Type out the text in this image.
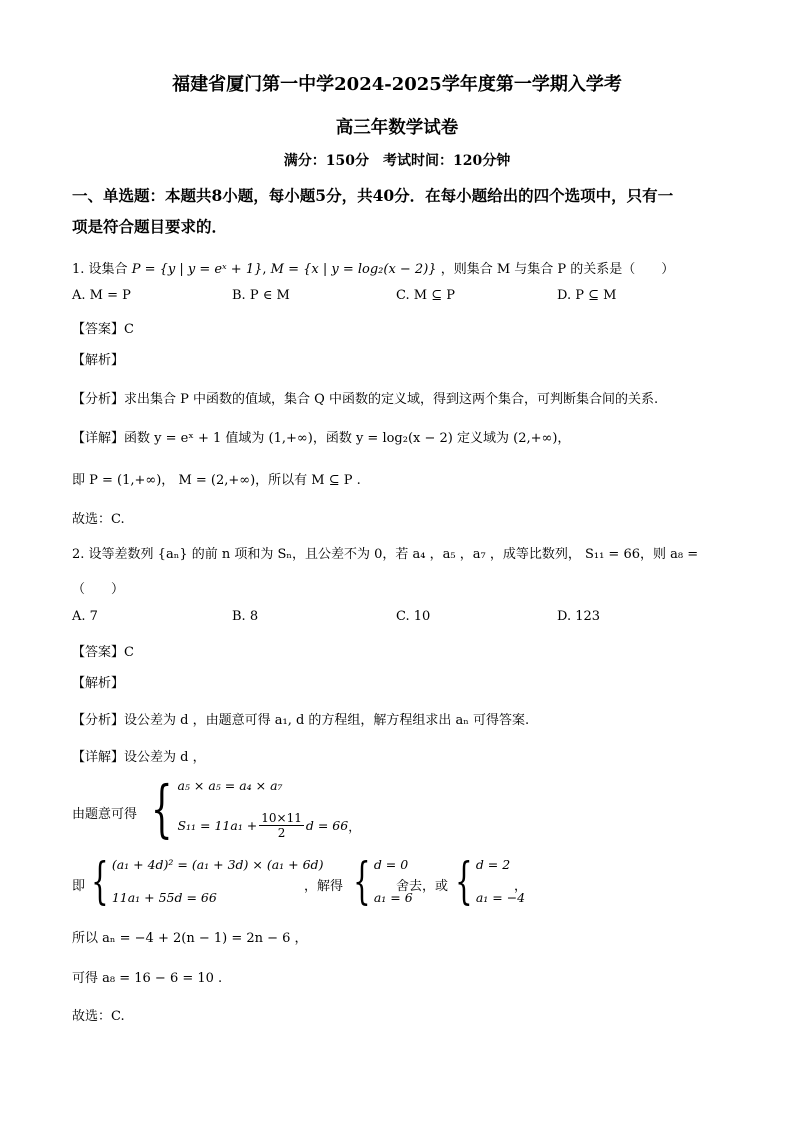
福建省厦门第一中学2024-2025学年度第一学期入学考
高三年数学试卷
满分：150分　考试时间：120分钟
一、单选题：本题共8小题，每小题5分，共40分．在每小题给出的四个选项中，只有一
项是符合题目要求的．
1. 设集合 P = {y | y = eˣ + 1}, M = {x | y = log₂(x − 2)} ，则集合 M 与集合 P 的关系是（　　）
A. M = P	B. P ∈ M	C. M ⊆ P	D. P ⊆ M
【答案】C
【解析】
【分析】求出集合 P 中函数的值域，集合 Q 中函数的定义域，得到这两个集合，可判断集合间的关系.
【详解】函数 y = eˣ + 1 值域为 (1,+∞)，函数 y = log₂(x − 2) 定义域为 (2,+∞)，
即 P = (1,+∞)， M = (2,+∞)，所以有 M ⊆ P .
故选：C.
2. 设等差数列 {aₙ} 的前 n 项和为 Sₙ，且公差不为 0，若 a₄ ，a₅ ，a₇ ，成等比数列， S₁₁ = 66，则 a₈ =
（　　）
A. 7	B. 8	C. 10	D. 123
【答案】C
【解析】
【分析】设公差为 d ，由题意可得 a₁, d 的方程组，解方程组求出 aₙ 可得答案.
【详解】设公差为 d ，
由题意可得 { a₅ × a₅ = a₄ × a₇
$S_{11} = 11a_1 + \frac{10\times 11}{2}$ d = 66 ，
即 { (a₁ + 4d)² = (a₁ + 3d) × (a₁ + 6d)
11a₁ + 55d = 66
，解得 { d = 0
a₁ = 6
舍去，或 { d = 2
a₁ = −4
，
所以 aₙ = −4 + 2(n − 1) = 2n − 6 ，
可得 a₈ = 16 − 6 = 10 .
故选：C.
